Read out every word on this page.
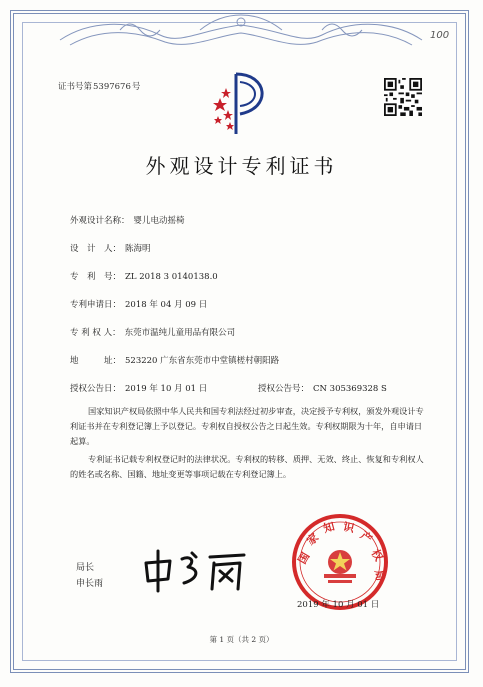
证书号第5397676号
100
外观设计专利证书
外观设计名称： 婴儿电动摇椅
设　计　人： 陈海明
专　利　号： ZL 2018 3 0140138.0
专利申请日： 2018 年 04 月 09 日
专 利 权 人： 东莞市温纯儿童用品有限公司
地　　　址： 523220 广东省东莞市中堂镇槎村朝阳路
授权公告日： 2019 年 10 月 01 日	授权公告号： CN 305369328 S
国家知识产权局依照中华人民共和国专利法经过初步审查，决定授予专利权，颁发外观设计专利证书并在专利登记簿上予以登记。专利权自授权公告之日起生效。专利权期限为十年，自申请日起算。
专利证书记载专利权登记时的法律状况。专利权的转移、质押、无效、终止、恢复和专利权人的姓名或名称、国籍、地址变更等事项记载在专利登记簿上。
局长
申长雨
国
家
知 识
产
权
局
2019 年 10 月 01 日
第 1 页（共 2 页）
